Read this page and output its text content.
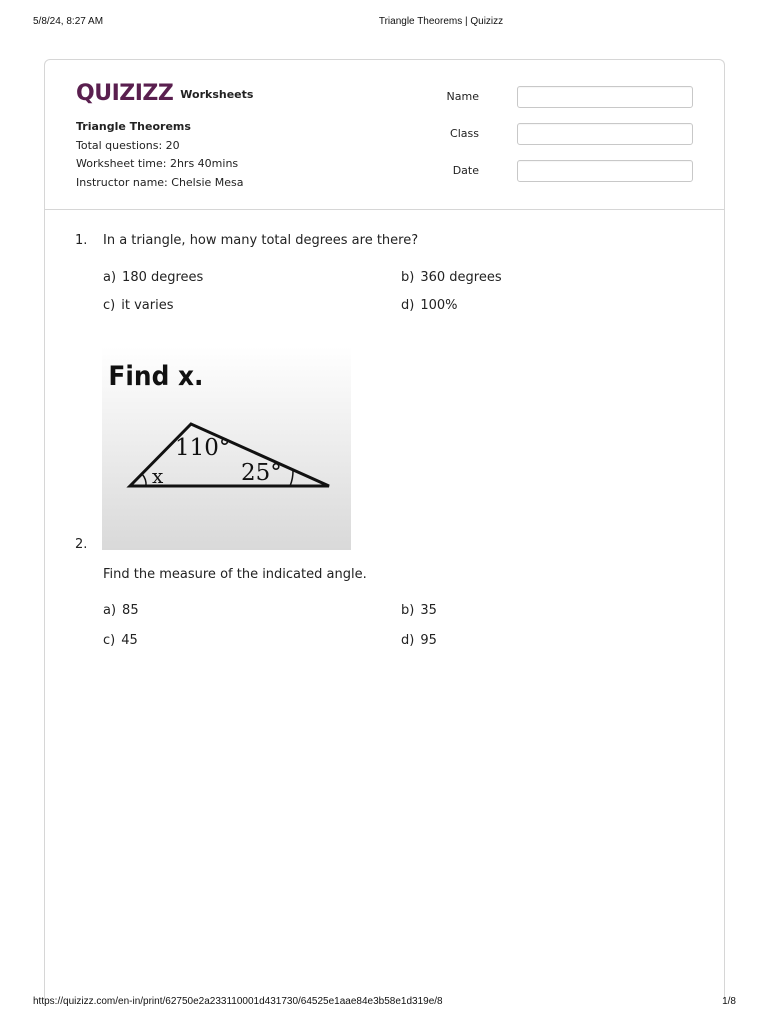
5/8/24, 8:27 AM	Triangle Theorems | Quizizz
QUIZIZZ Worksheets
Triangle Theorems
Total questions: 20
Worksheet time: 2hrs 40mins
Instructor name: Chelsie Mesa
Name
Class
Date
1. In a triangle, how many total degrees are there?
a) 180 degrees	b) 360 degrees
c) it varies	d) 100%
Find x.
110°
25°
x
2.
Find the measure of the indicated angle.
a) 85	b) 35
c) 45	d) 95
https://quizizz.com/en-in/print/62750e2a233110001d431730/64525e1aae84e3b58e1d319e/8	1/8
